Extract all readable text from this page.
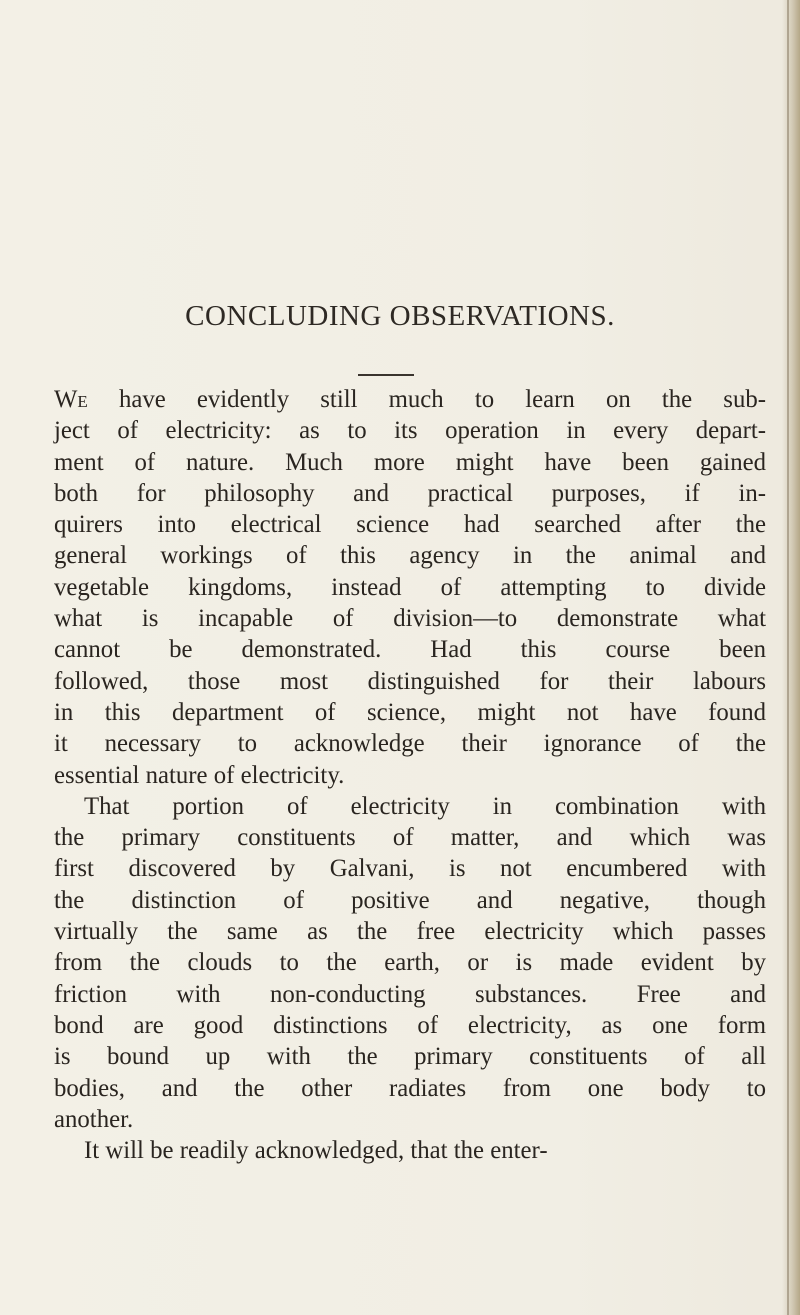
CONCLUDING OBSERVATIONS.
We have evidently still much to learn on the sub-
ject of electricity: as to its operation in every depart-
ment of nature. Much more might have been gained
both for philosophy and practical purposes, if in-
quirers into electrical science had searched after the
general workings of this agency in the animal and
vegetable kingdoms, instead of attempting to divide
what is incapable of division—to demonstrate what
cannot be demonstrated. Had this course been
followed, those most distinguished for their labours
in this department of science, might not have found
it necessary to acknowledge their ignorance of the
essential nature of electricity.
That portion of electricity in combination with
the primary constituents of matter, and which was
first discovered by Galvani, is not encumbered with
the distinction of positive and negative, though
virtually the same as the free electricity which passes
from the clouds to the earth, or is made evident by
friction with non-conducting substances. Free and
bond are good distinctions of electricity, as one form
is bound up with the primary constituents of all
bodies, and the other radiates from one body to
another.
It will be readily acknowledged, that the enter-
